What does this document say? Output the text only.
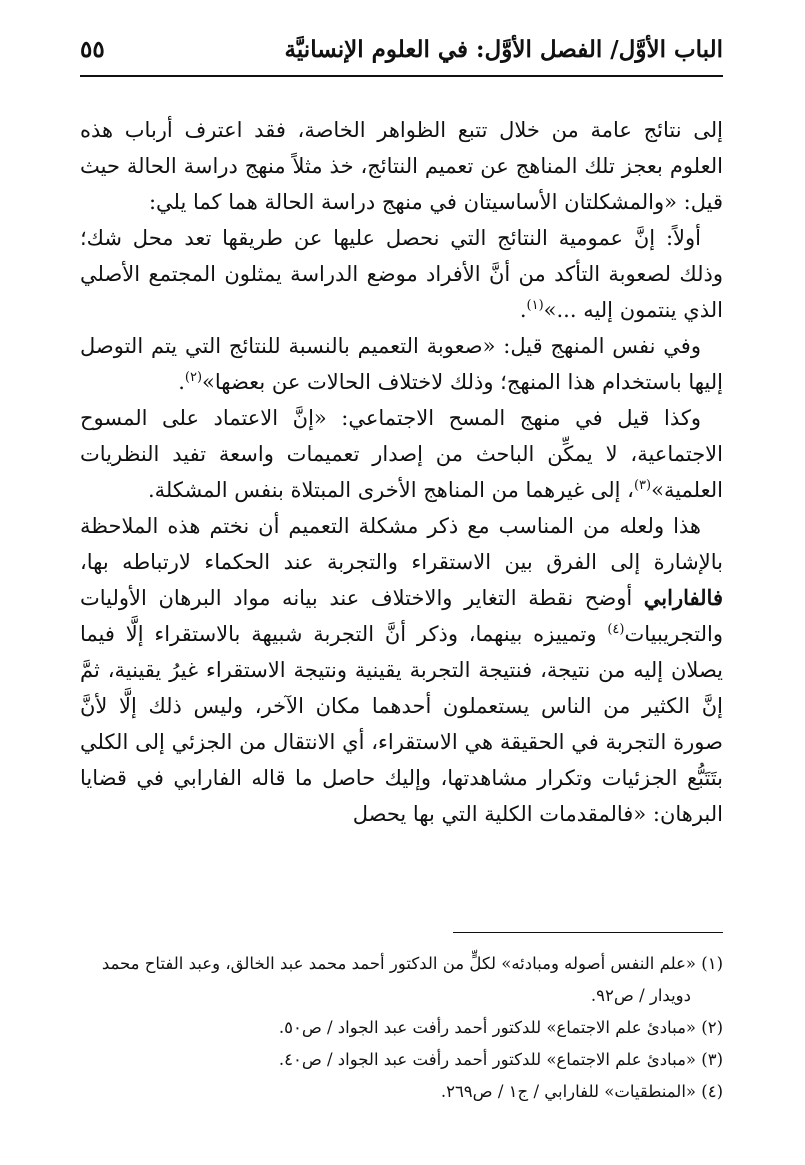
الباب الأوَّل/ الفصل الأوَّل: في العلوم الإنسانيَّة
٥٥

إلى نتائج عامة من خلال تتبع الظواهر الخاصة، فقد اعترف أرباب هذه العلوم بعجز تلك المناهج عن تعميم النتائج، خذ مثلاً منهج دراسة الحالة حيث قيل: «والمشكلتان الأساسيتان في منهج دراسة الحالة هما كما يلي:

أولاً: إنَّ عمومية النتائج التي نحصل عليها عن طريقها تعد محل شك؛ وذلك لصعوبة التأكد من أنَّ الأفراد موضع الدراسة يمثلون المجتمع الأصلي الذي ينتمون إليه ...»$^{(١)}$.

وفي نفس المنهج قيل: «صعوبة التعميم بالنسبة للنتائج التي يتم التوصل إليها باستخدام هذا المنهج؛ وذلك لاختلاف الحالات عن بعضها»$^{(٢)}$.

وكذا قيل في منهج المسح الاجتماعي: «إنَّ الاعتماد على المسوح الاجتماعية، لا يمكِّن الباحث من إصدار تعميمات واسعة تفيد النظريات العلمية»$^{(٣)}$، إلى غيرهما من المناهج الأخرى المبتلاة بنفس المشكلة.

هذا ولعله من المناسب مع ذكر مشكلة التعميم أن نختم هذه الملاحظة بالإشارة إلى الفرق بين الاستقراء والتجربة عند الحكماء لارتباطه بها، فالفارابي أوضح نقطة التغاير والاختلاف عند بيانه مواد البرهان الأوليات والتجريبيات$^{(٤)}$ وتمييزه بينهما، وذكر أنَّ التجربة شبيهة بالاستقراء إلَّا فيما يصلان إليه من نتيجة، فنتيجة التجربة يقينية ونتيجة الاستقراء غيرُ يقينية، ثمَّ إنَّ الكثير من الناس يستعملون أحدهما مكان الآخر، وليس ذلك إلَّا لأنَّ صورة التجربة في الحقيقة هي الاستقراء، أي الانتقال من الجزئي إلى الكلي بتَتَبُّع الجزئيات وتكرار مشاهدتها، وإليك حاصل ما قاله الفارابي في قضايا البرهان: «فالمقدمات الكلية التي بها يحصل

(١) «علم النفس أصوله ومبادئه» لكلٍّ من الدكتور أحمد محمد عبد الخالق، وعبد الفتاح محمد
دويدار / ص٩٢.

(٢) «مبادئ علم الاجتماع» للدكتور أحمد رأفت عبد الجواد / ص٥٠.

(٣) «مبادئ علم الاجتماع» للدكتور أحمد رأفت عبد الجواد / ص٤٠.

(٤) «المنطقيات» للفارابي / ج١ / ص٢٦٩.
